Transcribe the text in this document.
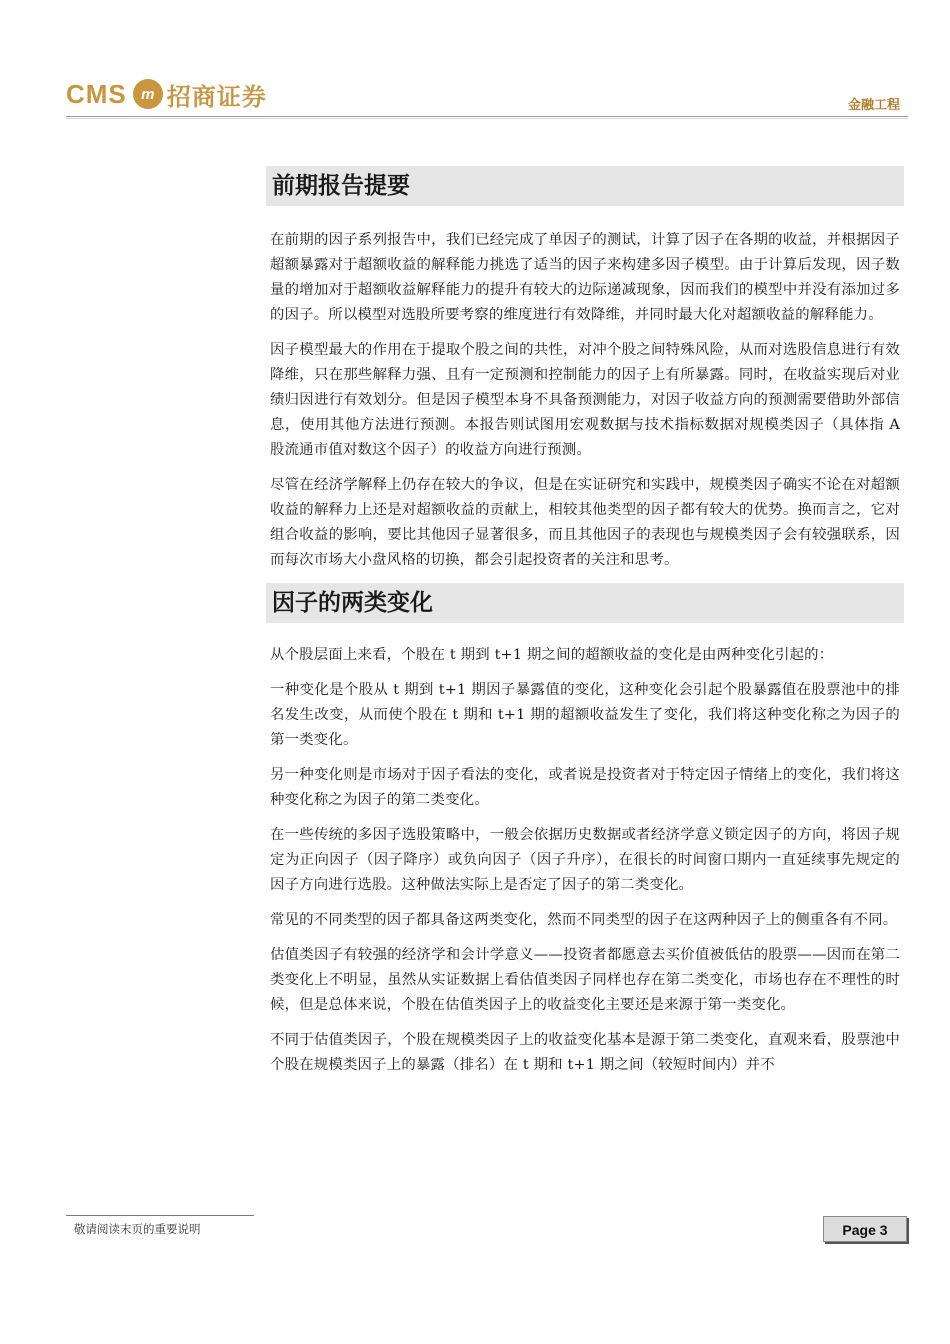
CMS m 招商证券	金融工程
前期报告提要

在前期的因子系列报告中，我们已经完成了单因子的测试，计算了因子在各期的收益，并根据因子超额暴露对于超额收益的解释能力挑选了适当的因子来构建多因子模型。由于计算后发现，因子数量的增加对于超额收益解释能力的提升有较大的边际递减现象，因而我们的模型中并没有添加过多的因子。所以模型对选股所要考察的维度进行有效降维，并同时最大化对超额收益的解释能力。

因子模型最大的作用在于提取个股之间的共性，对冲个股之间特殊风险，从而对选股信息进行有效降维，只在那些解释力强、且有一定预测和控制能力的因子上有所暴露。同时，在收益实现后对业绩归因进行有效划分。但是因子模型本身不具备预测能力，对因子收益方向的预测需要借助外部信息，使用其他方法进行预测。本报告则试图用宏观数据与技术指标数据对规模类因子（具体指 A 股流通市值对数这个因子）的收益方向进行预测。

尽管在经济学解释上仍存在较大的争议，但是在实证研究和实践中，规模类因子确实不论在对超额收益的解释力上还是对超额收益的贡献上，相较其他类型的因子都有较大的优势。换而言之，它对组合收益的影响，要比其他因子显著很多，而且其他因子的表现也与规模类因子会有较强联系，因而每次市场大小盘风格的切换，都会引起投资者的关注和思考。

因子的两类变化

从个股层面上来看，个股在 t 期到 t+1 期之间的超额收益的变化是由两种变化引起的：

一种变化是个股从 t 期到 t+1 期因子暴露值的变化，这种变化会引起个股暴露值在股票池中的排名发生改变，从而使个股在 t 期和 t+1 期的超额收益发生了变化，我们将这种变化称之为因子的第一类变化。

另一种变化则是市场对于因子看法的变化，或者说是投资者对于特定因子情绪上的变化，我们将这种变化称之为因子的第二类变化。

在一些传统的多因子选股策略中，一般会依据历史数据或者经济学意义锁定因子的方向，将因子规定为正向因子（因子降序）或负向因子（因子升序），在很长的时间窗口期内一直延续事先规定的因子方向进行选股。这种做法实际上是否定了因子的第二类变化。

常见的不同类型的因子都具备这两类变化，然而不同类型的因子在这两种因子上的侧重各有不同。

估值类因子有较强的经济学和会计学意义——投资者都愿意去买价值被低估的股票——因而在第二类变化上不明显，虽然从实证数据上看估值类因子同样也存在第二类变化，市场也存在不理性的时候，但是总体来说，个股在估值类因子上的收益变化主要还是来源于第一类变化。

不同于估值类因子，个股在规模类因子上的收益变化基本是源于第二类变化，直观来看，股票池中个股在规模类因子上的暴露（排名）在 t 期和 t+1 期之间（较短时间内）并不

敬请阅读末页的重要说明	Page 3
